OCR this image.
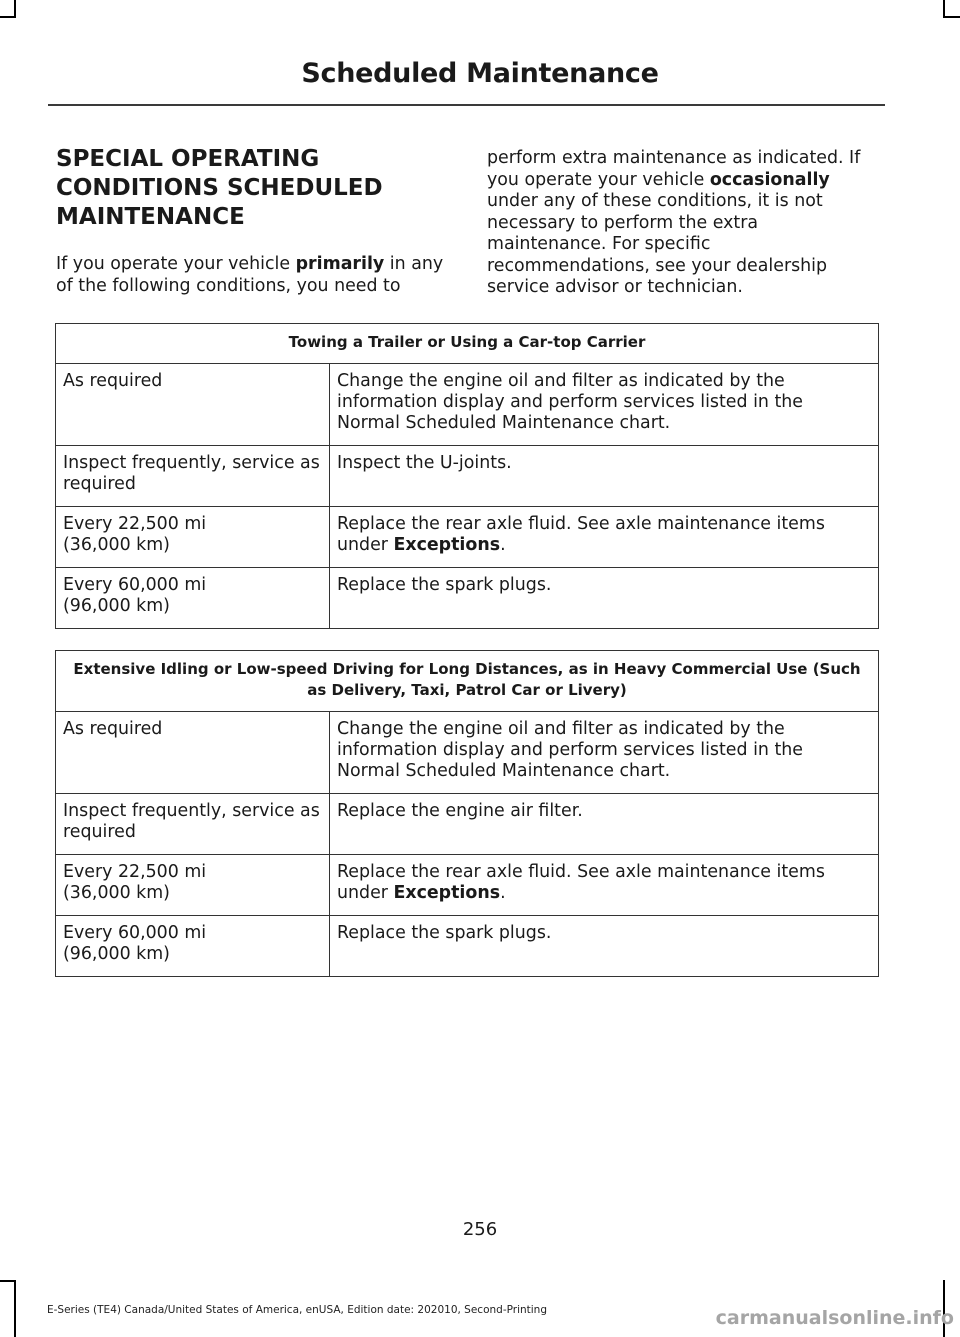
Scheduled Maintenance
SPECIAL OPERATING
CONDITIONS SCHEDULED
MAINTENANCE

If you operate your vehicle primarily in any of the following conditions, you need to

perform extra maintenance as indicated. If you operate your vehicle occasionally under any of these conditions, it is not necessary to perform the extra maintenance. For specific recommendations, see your dealership service advisor or technician.

Towing a Trailer or Using a Car-top Carrier	
As required	Change the engine oil and filter as indicated by the information display and perform services listed in the Normal Scheduled Maintenance chart.
Inspect frequently, service as required	Inspect the U-joints.
Every 22,500 mi
(36,000 km)	Replace the rear axle fluid. See axle maintenance items under Exceptions.
Every 60,000 mi
(96,000 km)	Replace the spark plugs.
Extensive Idling or Low-speed Driving for Long Distances, as in Heavy Commercial Use (Such as Delivery, Taxi, Patrol Car or Livery)	
As required	Change the engine oil and filter as indicated by the information display and perform services listed in the Normal Scheduled Maintenance chart.
Inspect frequently, service as required	Replace the engine air filter.
Every 22,500 mi
(36,000 km)	Replace the rear axle fluid. See axle maintenance items under Exceptions.
Every 60,000 mi
(96,000 km)	Replace the spark plugs.
256
E-Series (TE4) Canada/United States of America, enUSA, Edition date: 202010, Second-Printing	carmanualsonline.info
